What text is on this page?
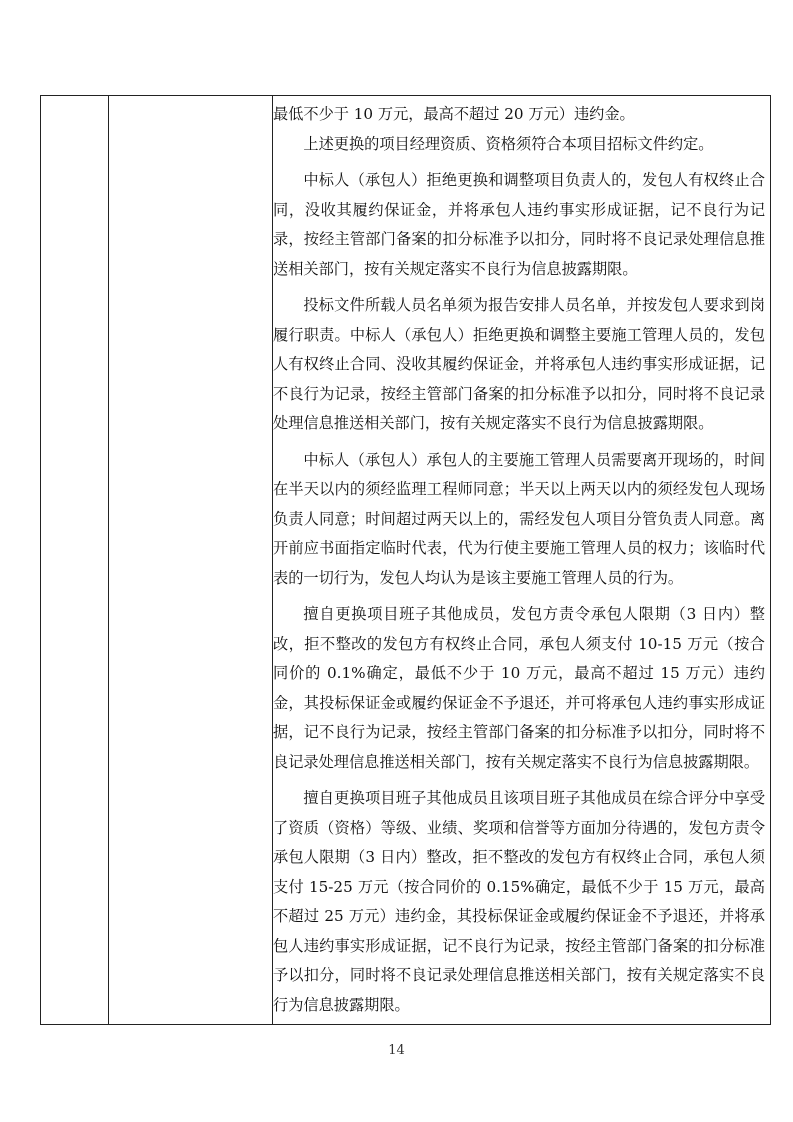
最低不少于 10 万元，最高不超过 20 万元）违约金。

上述更换的项目经理资质、资格须符合本项目招标文件约定。

中标人（承包人）拒绝更换和调整项目负责人的，发包人有权终止合同，没收其履约保证金，并将承包人违约事实形成证据，记不良行为记录，按经主管部门备案的扣分标准予以扣分，同时将不良记录处理信息推送相关部门，按有关规定落实不良行为信息披露期限。

投标文件所载人员名单须为报告安排人员名单，并按发包人要求到岗履行职责。中标人（承包人）拒绝更换和调整主要施工管理人员的，发包人有权终止合同、没收其履约保证金，并将承包人违约事实形成证据，记不良行为记录，按经主管部门备案的扣分标准予以扣分，同时将不良记录处理信息推送相关部门，按有关规定落实不良行为信息披露期限。

中标人（承包人）承包人的主要施工管理人员需要离开现场的，时间在半天以内的须经监理工程师同意；半天以上两天以内的须经发包人现场负责人同意；时间超过两天以上的，需经发包人项目分管负责人同意。离开前应书面指定临时代表，代为行使主要施工管理人员的权力；该临时代表的一切行为，发包人均认为是该主要施工管理人员的行为。

擅自更换项目班子其他成员，发包方责令承包人限期（3 日内）整改，拒不整改的发包方有权终止合同，承包人须支付 10-15 万元（按合同价的 0.1%确定，最低不少于 10 万元，最高不超过 15 万元）违约金，其投标保证金或履约保证金不予退还，并可将承包人违约事实形成证据，记不良行为记录，按经主管部门备案的扣分标准予以扣分，同时将不良记录处理信息推送相关部门，按有关规定落实不良行为信息披露期限。

擅自更换项目班子其他成员且该项目班子其他成员在综合评分中享受了资质（资格）等级、业绩、奖项和信誉等方面加分待遇的，发包方责令承包人限期（3 日内）整改，拒不整改的发包方有权终止合同，承包人须支付 15-25 万元（按合同价的 0.15%确定，最低不少于 15 万元，最高不超过 25 万元）违约金，其投标保证金或履约保证金不予退还，并将承包人违约事实形成证据，记不良行为记录，按经主管部门备案的扣分标准予以扣分，同时将不良记录处理信息推送相关部门，按有关规定落实不良行为信息披露期限。

14
